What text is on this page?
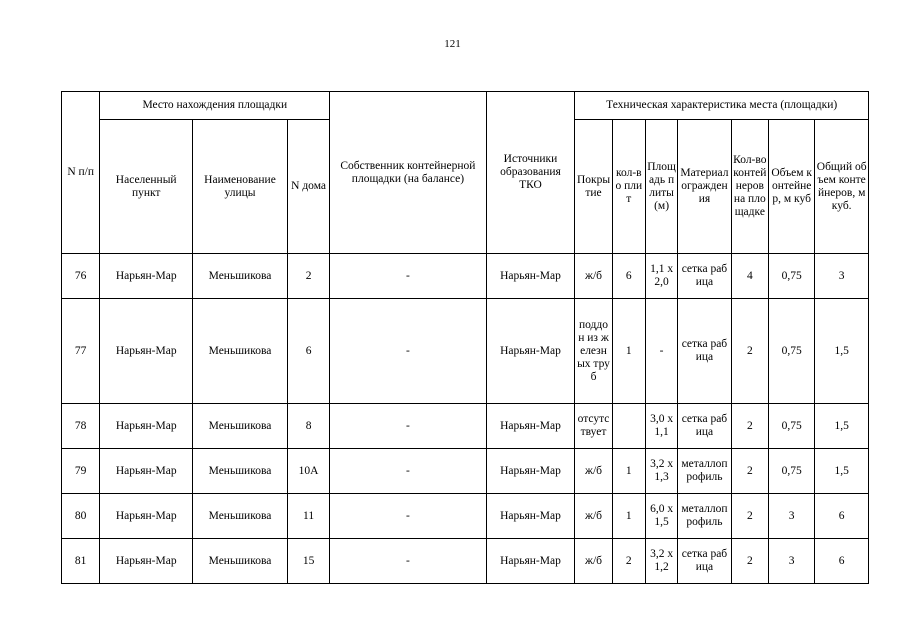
121
N п/п	Место нахождения площадки			Собственник контейнерной площадки (на балансе)	Источники образования ТКО	Техническая характеристика места (площадки)						
	Населенный пункт	Наименование улицы	N дома			Покрытие	кол-во плит	Площадь плиты (м)	Материал ограждения	Кол-во контейнеров на площадке	Объем контейнер, м куб	Общий объем контейнеров, м куб.
76	Нарьян-Мар	Меньшикова	2	-	Нарьян-Мар	ж/б	6	1,1 x 2,0	сетка рабица	4	0,75	3
77	Нарьян-Мар	Меньшикова	6	-	Нарьян-Мар	поддон из железных труб	1	-	сетка рабица	2	0,75	1,5
78	Нарьян-Мар	Меньшикова	8	-	Нарьян-Мар	отсутствует		3,0 x 1,1	сетка рабица	2	0,75	1,5
79	Нарьян-Мар	Меньшикова	10А	-	Нарьян-Мар	ж/б	1	3,2 x 1,3	металлопрофиль	2	0,75	1,5
80	Нарьян-Мар	Меньшикова	11	-	Нарьян-Мар	ж/б	1	6,0 x 1,5	металлопрофиль	2	3	6
81	Нарьян-Мар	Меньшикова	15	-	Нарьян-Мар	ж/б	2	3,2 x 1,2	сетка рабица	2	3	6
